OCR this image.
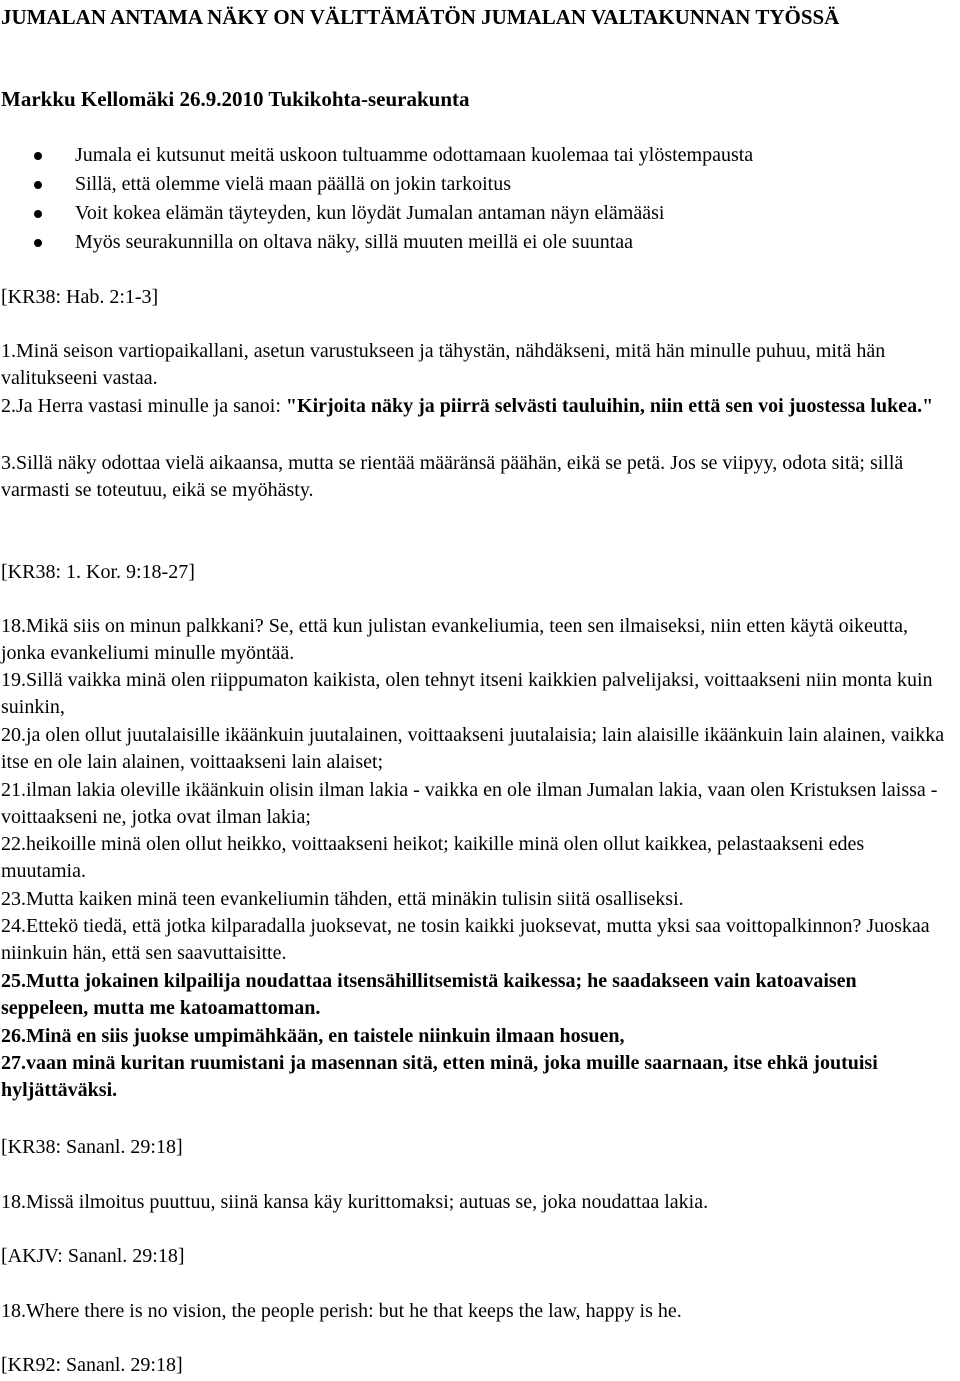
JUMALAN ANTAMA NÄKY ON VÄLTTÄMÄTÖN JUMALAN VALTAKUNNAN TYÖSSÄ
Markku Kellomäki 26.9.2010 Tukikohta-seurakunta
Jumala ei kutsunut meitä uskoon tultuamme odottamaan kuolemaa tai ylöstempausta
Sillä, että olemme vielä maan päällä on jokin tarkoitus
Voit kokea elämän täyteyden, kun löydät Jumalan antaman näyn elämääsi
Myös seurakunnilla on oltava näky, sillä muuten meillä ei ole suuntaa
[KR38: Hab. 2:1-3]
1.Minä seison vartiopaikallani, asetun varustukseen ja tähystän, nähdäkseni, mitä hän minulle puhuu, mitä hän valitukseeni vastaa.
2.Ja Herra vastasi minulle ja sanoi: "Kirjoita näky ja piirrä selvästi tauluihin, niin että sen voi juostessa lukea."
3.Sillä näky odottaa vielä aikaansa, mutta se rientää määränsä päähän, eikä se petä. Jos se viipyy, odota sitä; sillä varmasti se toteutuu, eikä se myöhästy.
[KR38: 1. Kor. 9:18-27]
18.Mikä siis on minun palkkani? Se, että kun julistan evankeliumia, teen sen ilmaiseksi, niin etten käytä oikeutta, jonka evankeliumi minulle myöntää.
19.Sillä vaikka minä olen riippumaton kaikista, olen tehnyt itseni kaikkien palvelijaksi, voittaakseni niin monta kuin suinkin,
20.ja olen ollut juutalaisille ikäänkuin juutalainen, voittaakseni juutalaisia; lain alaisille ikäänkuin lain alainen, vaikka itse en ole lain alainen, voittaakseni lain alaiset;
21.ilman lakia oleville ikäänkuin olisin ilman lakia - vaikka en ole ilman Jumalan lakia, vaan olen Kristuksen laissa - voittaakseni ne, jotka ovat ilman lakia;
22.heikoille minä olen ollut heikko, voittaakseni heikot; kaikille minä olen ollut kaikkea, pelastaakseni edes muutamia.
23.Mutta kaiken minä teen evankeliumin tähden, että minäkin tulisin siitä osalliseksi.
24.Ettekö tiedä, että jotka kilparadalla juoksevat, ne tosin kaikki juoksevat, mutta yksi saa voittopalkinnon? Juoskaa niinkuin hän, että sen saavuttaisitte.
25.Mutta jokainen kilpailija noudattaa itsensähillitsemistä kaikessa; he saadakseen vain katoavaisen seppeleen, mutta me katoamattoman.
26.Minä en siis juokse umpimähkään, en taistele niinkuin ilmaan hosuen,
27.vaan minä kuritan ruumistani ja masennan sitä, etten minä, joka muille saarnaan, itse ehkä joutuisi hyljättäväksi.
[KR38: Sananl. 29:18]
18.Missä ilmoitus puuttuu, siinä kansa käy kurittomaksi; autuas se, joka noudattaa lakia.
[AKJV: Sananl. 29:18]
18.Where there is no vision, the people perish: but he that keeps the law, happy is he.
[KR92: Sananl. 29:18]
